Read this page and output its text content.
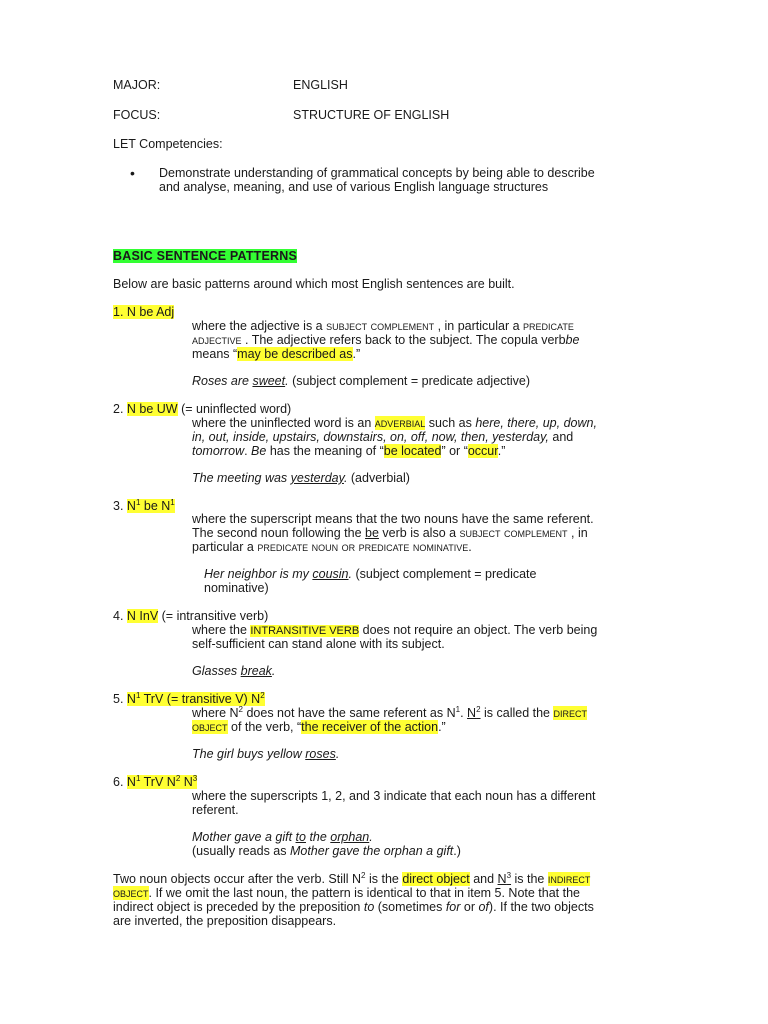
MAJOR:	ENGLISH
FOCUS:	STRUCTURE OF ENGLISH
LET Competencies:
• Demonstrate understanding of grammatical concepts by being able to describe
and analyse, meaning, and use of various English language structures
BASIC SENTENCE PATTERNS
Below are basic patterns around which most English sentences are built.
1. N be Adj
where the adjective is a subject complement , in particular a predicate
adjective . The adjective refers back to the subject. The copula verbbe
means “may be described as.”
Roses are sweet. (subject complement = predicate adjective)
2. N be UW (= uninflected word)
where the uninflected word is an adverbial such as here, there, up, down,
in, out, inside, upstairs, downstairs, on, off, now, then, yesterday, and
tomorrow. Be has the meaning of “be located” or “occur.”
The meeting was yesterday. (adverbial)
3. $N^1$ be $N^1$
where the superscript means that the two nouns have the same referent.
The second noun following the be verb is also a subject complement , in
particular a predicate noun or predicate nominative.
Her neighbor is my cousin. (subject complement = predicate
nominative)
4. N InV (= intransitive verb)
where the INTRANSITIVE VERB does not require an object. The verb being
self-sufficient can stand alone with its subject.
Glasses break.
5. $N^1$ TrV (= transitive V) $N^2$
where $N^2$ does not have the same referent as $N^1$. $N^2$ is called the direct
object of the verb, “the receiver of the action.”
The girl buys yellow roses.
6. $N^1$ TrV $N^2$ $N^3$
where the superscripts 1, 2, and 3 indicate that each noun has a different
referent.
Mother gave a gift to the orphan.
(usually reads as Mother gave the orphan a gift.)
Two noun objects occur after the verb. Still $N^2$ is the direct object and $N^3$ is the indirect
object. If we omit the last noun, the pattern is identical to that in item 5. Note that the
indirect object is preceded by the preposition to (sometimes for or of). If the two objects
are inverted, the preposition disappears.
